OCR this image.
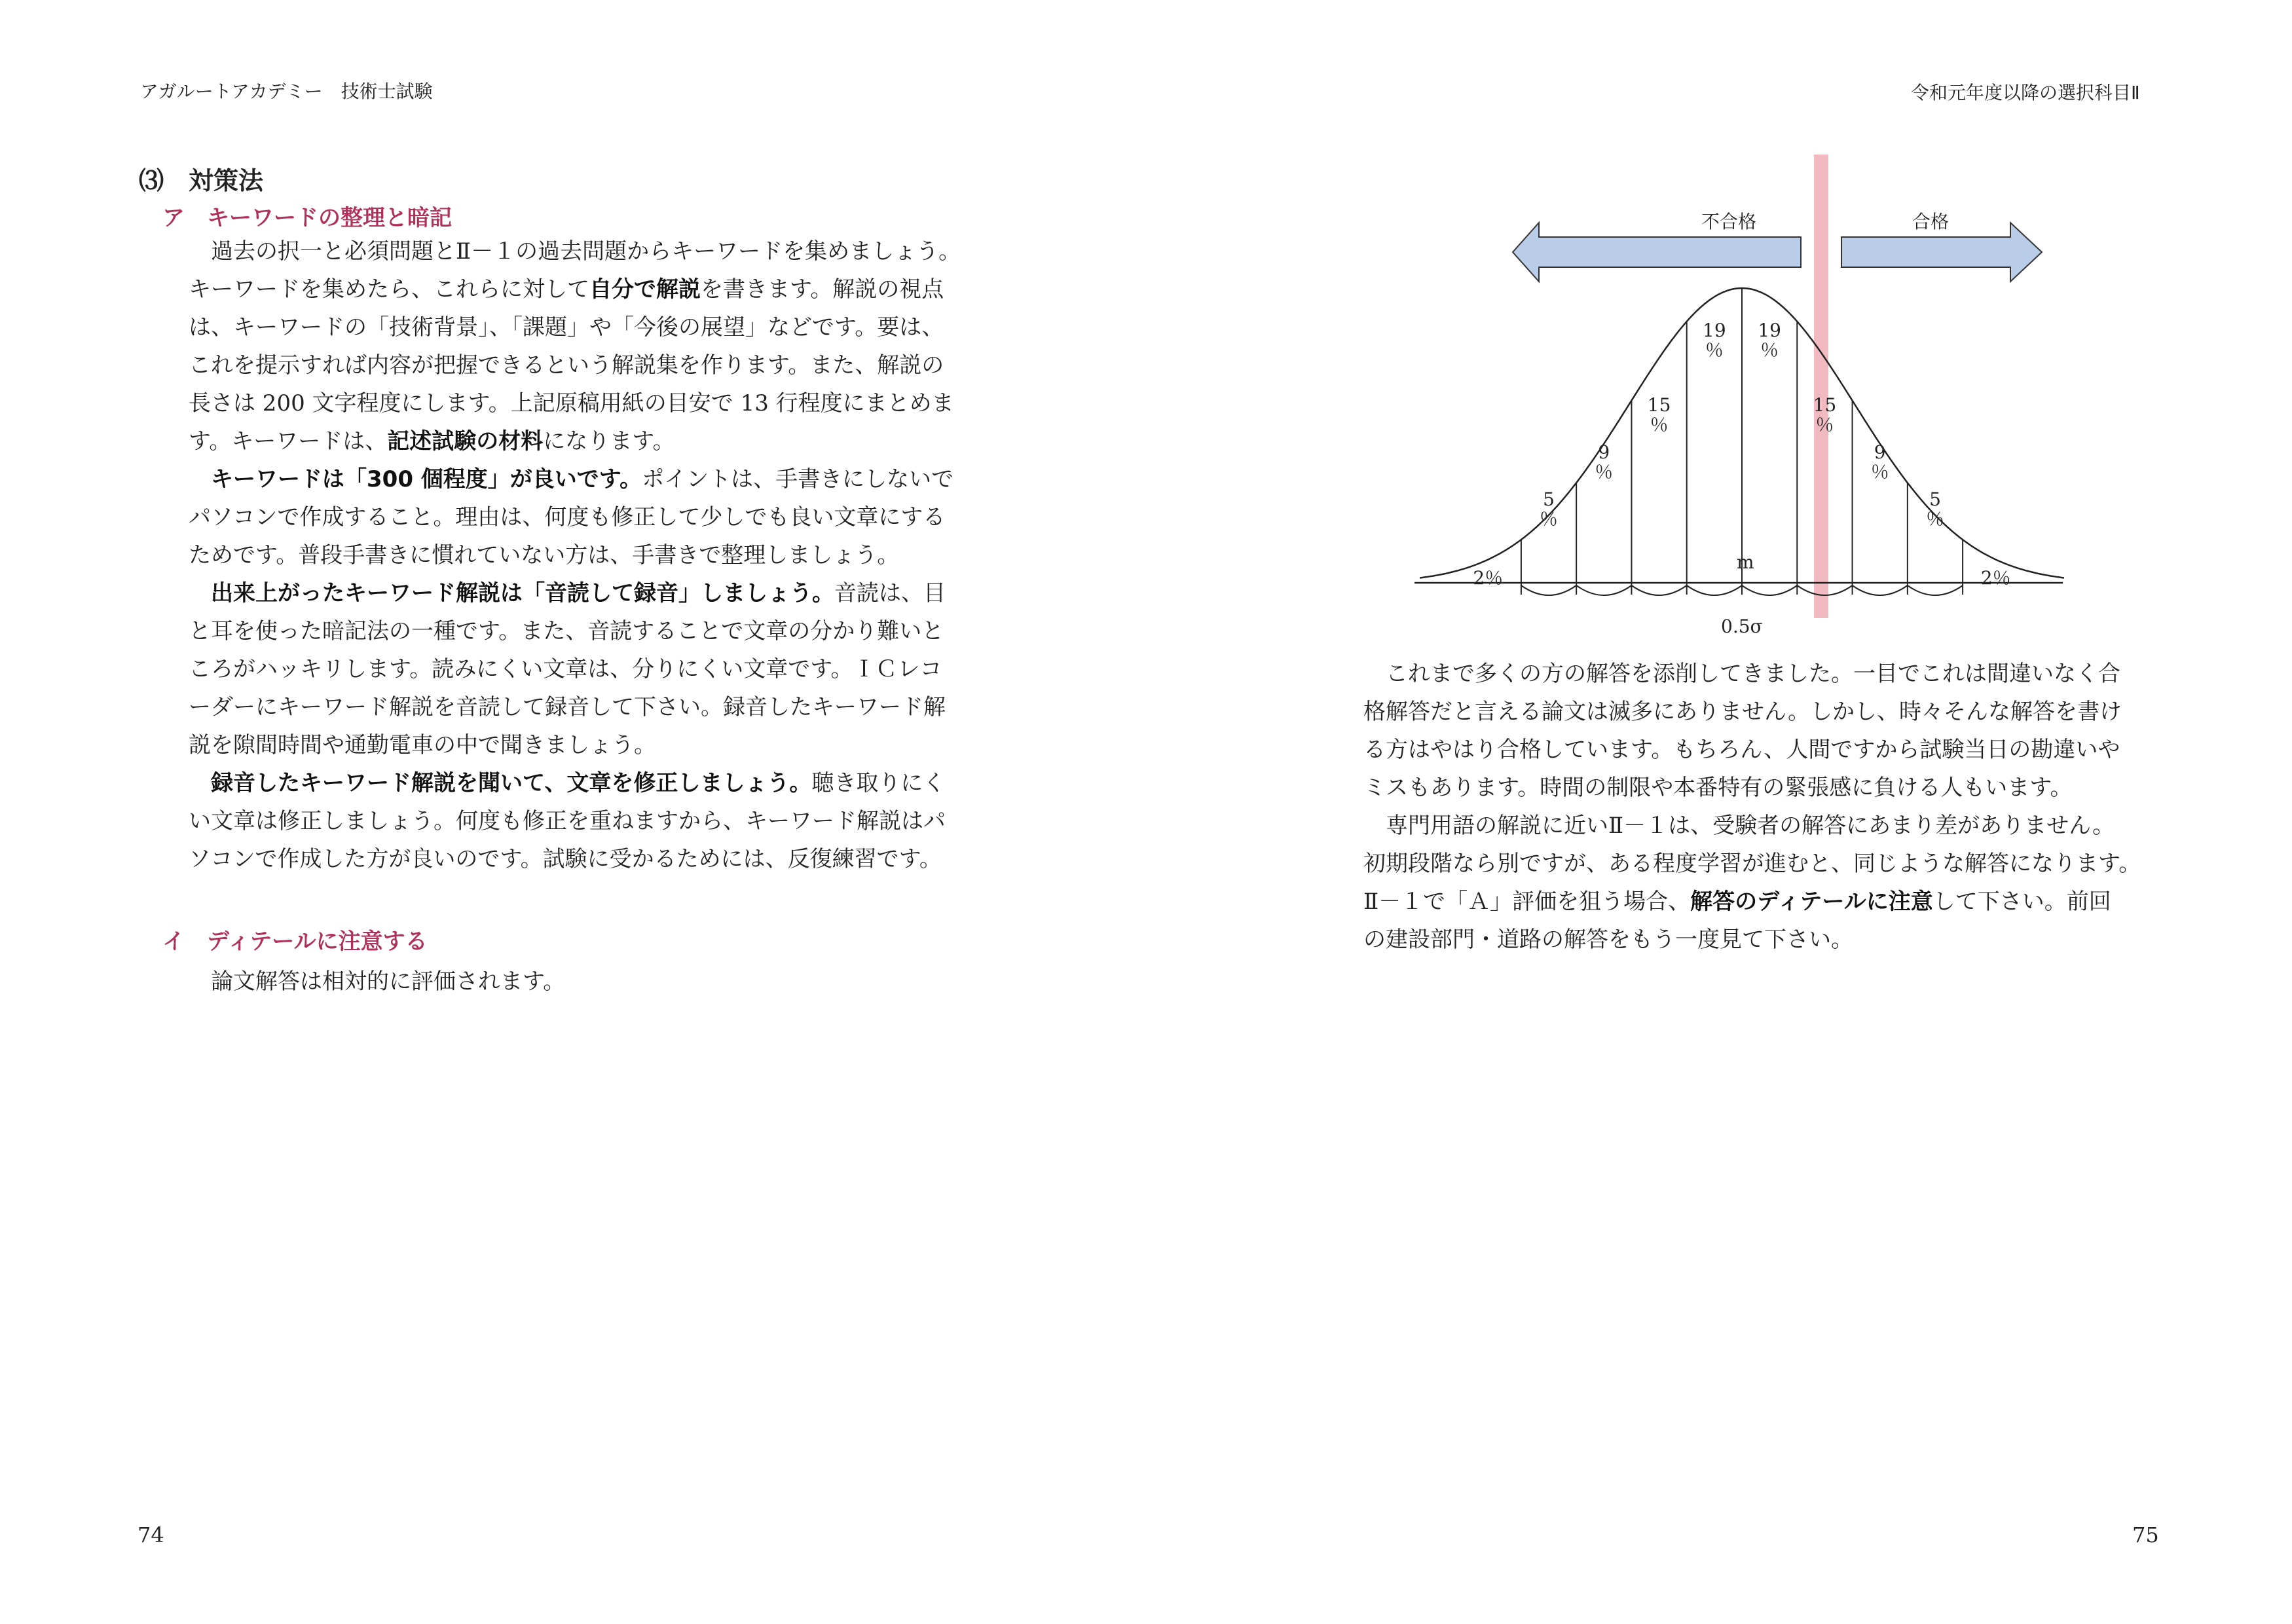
アガルートアカデミー　技術士試験	令和元年度以降の選択科目Ⅱ
⑶　対策法
ア　キーワードの整理と暗記
　過去の択一と必須問題とⅡ－１の過去問題からキーワードを集めましょう。
キーワードを集めたら、これらに対して自分で解説を書きます。解説の視点
は、キーワードの「技術背景」、「課題」や「今後の展望」などです。要は、
これを提示すれば内容が把握できるという解説集を作ります。また、解説の
長さは 200 文字程度にします。上記原稿用紙の目安で 13 行程度にまとめま
す。キーワードは、記述試験の材料になります。
　キーワードは「300 個程度」が良いです。ポイントは、手書きにしないで
パソコンで作成すること。理由は、何度も修正して少しでも良い文章にする
ためです。普段手書きに慣れていない方は、手書きで整理しましょう。
　出来上がったキーワード解説は「音読して録音」しましょう。音読は、目
と耳を使った暗記法の一種です。また、音読することで文章の分かり難いと
ころがハッキリします。読みにくい文章は、分りにくい文章です。ＩＣレコ
ーダーにキーワード解説を音読して録音して下さい。録音したキーワード解
説を隙間時間や通勤電車の中で聞きましょう。
　録音したキーワード解説を聞いて、文章を修正しましょう。聴き取りにく
い文章は修正しましょう。何度も修正を重ねますから、キーワード解説はパ
ソコンで作成した方が良いのです。試験に受かるためには、反復練習です。
イ　ディテールに注意する
　論文解答は相対的に評価されます。
74
不合格	合格
2％
5
％
9
％
15
％
19
％
19
％
15
％
9
％
5
％
2％
m
0.5σ
　これまで多くの方の解答を添削してきました。一目でこれは間違いなく合
格解答だと言える論文は滅多にありません。しかし、時々そんな解答を書け
る方はやはり合格しています。もちろん、人間ですから試験当日の勘違いや
ミスもあります。時間の制限や本番特有の緊張感に負ける人もいます。
　専門用語の解説に近いⅡ－１は、受験者の解答にあまり差がありません。
初期段階なら別ですが、ある程度学習が進むと、同じような解答になります。
Ⅱ－１で「Ａ」評価を狙う場合、解答のディテールに注意して下さい。前回
の建設部門・道路の解答をもう一度見て下さい。
75
